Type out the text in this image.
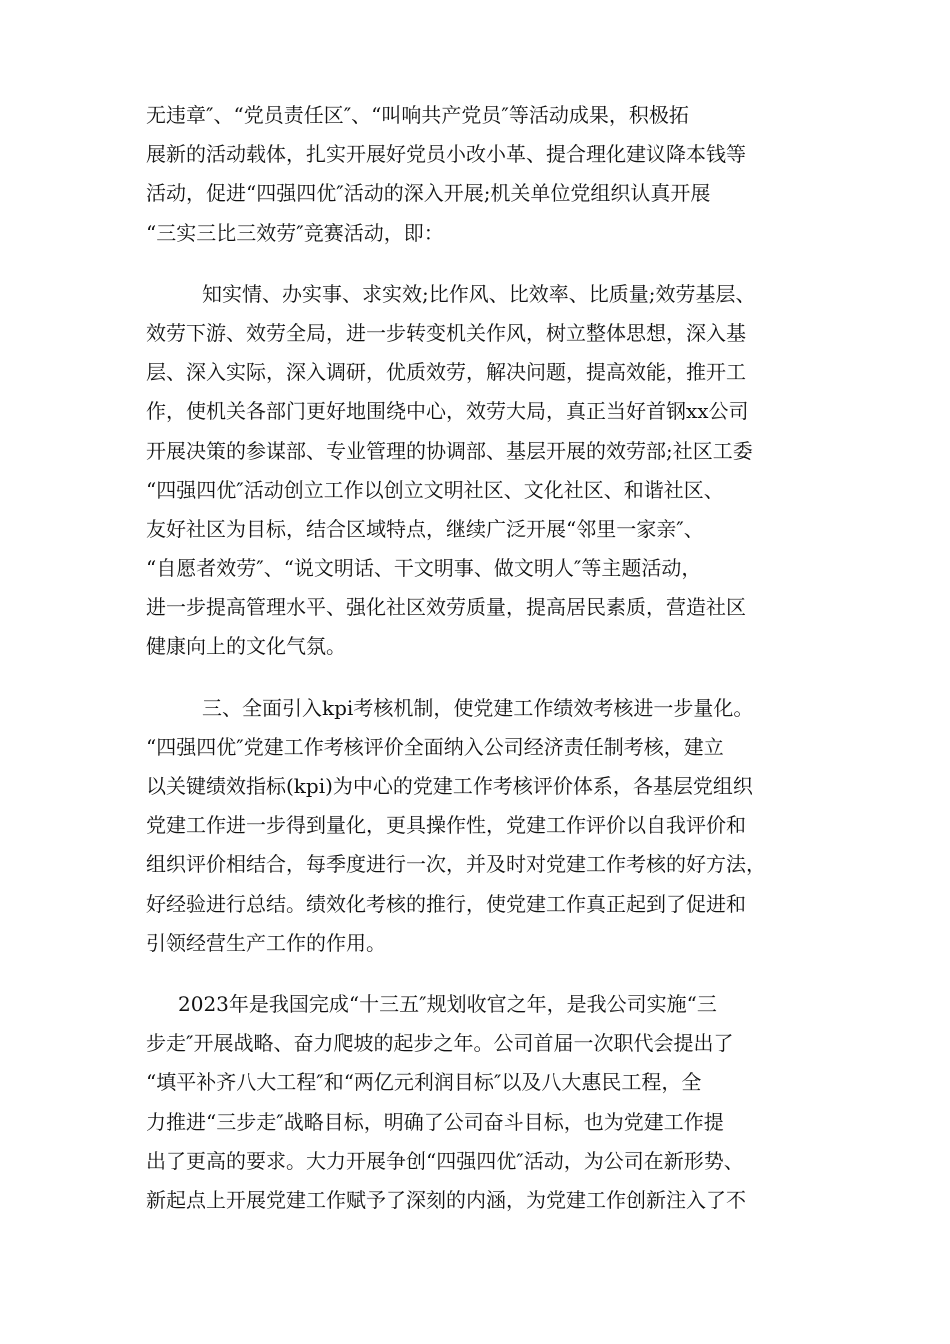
无违章″、“党员责任区″、“叫响共产党员″等活动成果，积极拓
展新的活动载体，扎实开展好党员小改小革、提合理化建议降本钱等
活动，促进“四强四优″活动的深入开展;机关单位党组织认真开展
“三实三比三效劳″竞赛活动，即：
知实情、办实事、求实效;比作风、比效率、比质量;效劳基层、
效劳下游、效劳全局，进一步转变机关作风，树立整体思想，深入基
层、深入实际，深入调研，优质效劳，解决问题，提高效能，推开工
作，使机关各部门更好地围绕中心，效劳大局，真正当好首钢xx公司
开展决策的参谋部、专业管理的协调部、基层开展的效劳部;社区工委
“四强四优″活动创立工作以创立文明社区、文化社区、和谐社区、
友好社区为目标，结合区域特点，继续广泛开展“邻里一家亲″、
“自愿者效劳″、“说文明话、干文明事、做文明人″等主题活动，
进一步提高管理水平、强化社区效劳质量，提高居民素质，营造社区
健康向上的文化气氛。
三、全面引入kpi考核机制，使党建工作绩效考核进一步量化。
“四强四优″党建工作考核评价全面纳入公司经济责任制考核，建立
以关键绩效指标(kpi)为中心的党建工作考核评价体系，各基层党组织
党建工作进一步得到量化，更具操作性，党建工作评价以自我评价和
组织评价相结合，每季度进行一次，并及时对党建工作考核的好方法，
好经验进行总结。绩效化考核的推行，使党建工作真正起到了促进和
引领经营生产工作的作用。
2023年是我国完成“十三五″规划收官之年，是我公司实施“三
步走″开展战略、奋力爬坡的起步之年。公司首届一次职代会提出了
“填平补齐八大工程″和“两亿元利润目标″以及八大惠民工程，全
力推进“三步走″战略目标，明确了公司奋斗目标，也为党建工作提
出了更高的要求。大力开展争创“四强四优″活动，为公司在新形势、
新起点上开展党建工作赋予了深刻的内涵，为党建工作创新注入了不
